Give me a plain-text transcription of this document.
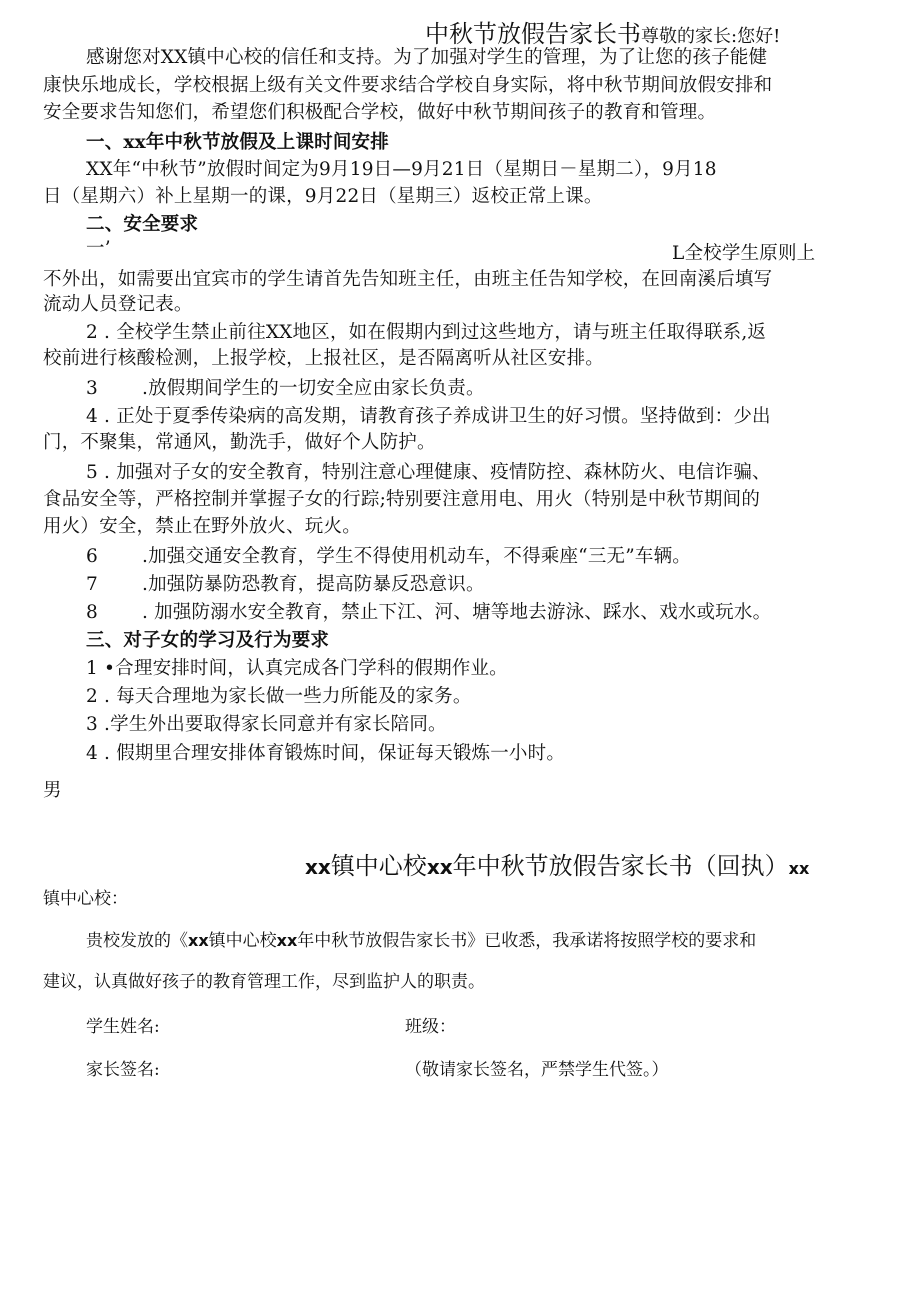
中秋节放假告家长书尊敬的家长:您好!
感谢您对XX镇中心校的信任和支持。为了加强对学生的管理，为了让您的孩子能健
康快乐地成长，学校根据上级有关文件要求结合学校自身实际，将中秋节期间放假安排和
安全要求告知您们，希望您们积极配合学校，做好中秋节期间孩子的教育和管理。
一、xx年中秋节放假及上课时间安排
XX年“中秋节”放假时间定为9月19日—9月21日（星期日－星期二），9月18
日（星期六）补上星期一的课，9月22日（星期三）返校正常上课。
二、安全要求
一’	L全校学生原则上
不外出，如需要出宜宾市的学生请首先告知班主任，由班主任告知学校，在回南溪后填写
流动人员登记表。
2 . 全校学生禁止前往XX地区，如在假期内到过这些地方，请与班主任取得联系,返
校前进行核酸检测，上报学校，上报社区，是否隔离听从社区安排。
3 .放假期间学生的一切安全应由家长负责。
4 . 正处于夏季传染病的高发期，请教育孩子养成讲卫生的好习惯。坚持做到：少出
门，不聚集，常通风，勤洗手，做好个人防护。
5 . 加强对子女的安全教育，特别注意心理健康、疫情防控、森林防火、电信诈骗、
食品安全等，严格控制并掌握子女的行踪;特别要注意用电、用火（特别是中秋节期间的
用火）安全，禁止在野外放火、玩火。
6 .加强交通安全教育，学生不得使用机动车，不得乘座“三无”车辆。
7 .加强防暴防恐教育，提高防暴反恐意识。
8 . 加强防溺水安全教育，禁止下江、河、塘等地去游泳、踩水、戏水或玩水。
三、对子女的学习及行为要求
1 •合理安排时间，认真完成各门学科的假期作业。
2 . 每天合理地为家长做一些力所能及的家务。
3 .学生外出要取得家长同意并有家长陪同。
4 . 假期里合理安排体育锻炼时间，保证每天锻炼一小时。
男
xx镇中心校xx年中秋节放假告家长书（回执）xx
镇中心校：
贵校发放的《xx镇中心校xx年中秋节放假告家长书》已收悉，我承诺将按照学校的要求和
建议，认真做好孩子的教育管理工作，尽到监护人的职责。
学生姓名:	班级：
家长签名:	（敬请家长签名，严禁学生代签。）
